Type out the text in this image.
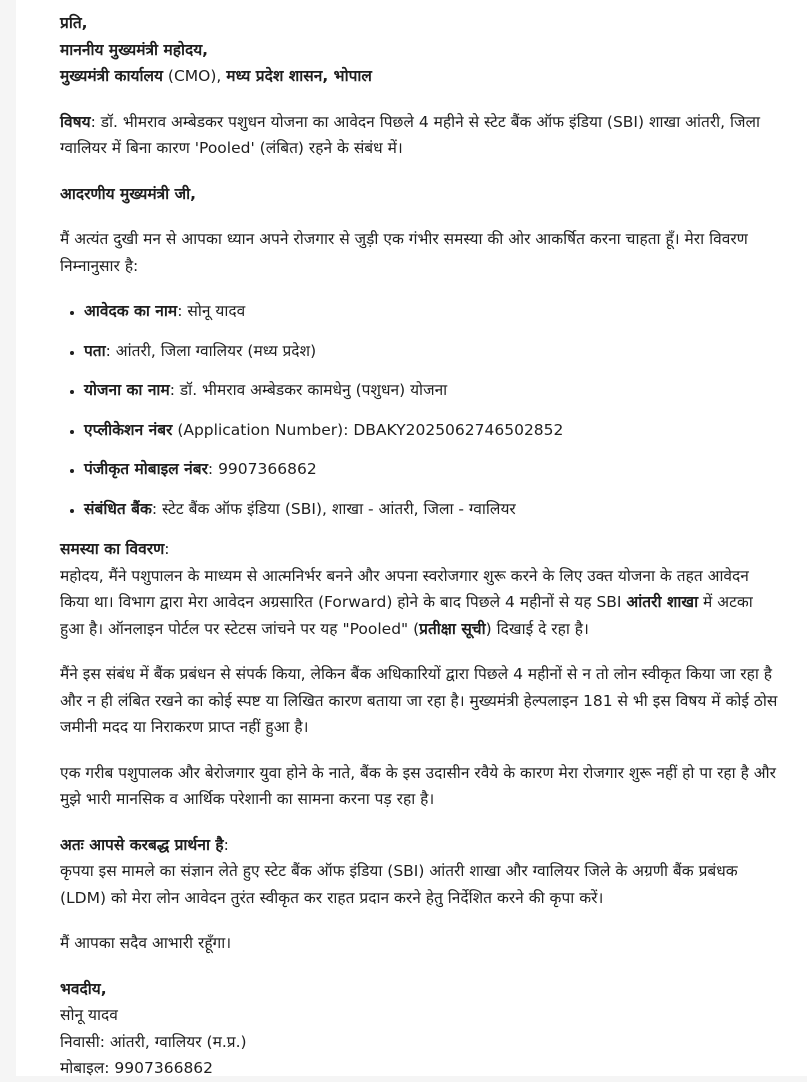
प्रति,
माननीय मुख्यमंत्री महोदय,
मुख्यमंत्री कार्यालय (CMO), मध्य प्रदेश शासन, भोपाल

विषय: डॉ. भीमराव अम्बेडकर पशुधन योजना का आवेदन पिछले 4 महीने से स्टेट बैंक ऑफ इंडिया (SBI) शाखा आंतरी, जिला ग्वालियर में बिना कारण 'Pooled' (लंबित) रहने के संबंध में।

आदरणीय मुख्यमंत्री जी,

मैं अत्यंत दुखी मन से आपका ध्यान अपने रोजगार से जुड़ी एक गंभीर समस्या की ओर आकर्षित करना चाहता हूँ। मेरा विवरण निम्नानुसार है:

• आवेदक का नाम: सोनू यादव
• पता: आंतरी, जिला ग्वालियर (मध्य प्रदेश)
• योजना का नाम: डॉ. भीमराव अम्बेडकर कामधेनु (पशुधन) योजना
• एप्लीकेशन नंबर (Application Number): DBAKY2025062746502852
• पंजीकृत मोबाइल नंबर: 9907366862
• संबंधित बैंक: स्टेट बैंक ऑफ इंडिया (SBI), शाखा - आंतरी, जिला - ग्वालियर

समस्या का विवरण:
महोदय, मैंने पशुपालन के माध्यम से आत्मनिर्भर बनने और अपना स्वरोजगार शुरू करने के लिए उक्त योजना के तहत आवेदन किया था। विभाग द्वारा मेरा आवेदन अग्रसारित (Forward) होने के बाद पिछले 4 महीनों से यह SBI आंतरी शाखा में अटका हुआ है। ऑनलाइन पोर्टल पर स्टेटस जांचने पर यह "Pooled" (प्रतीक्षा सूची) दिखाई दे रहा है।

मैंने इस संबंध में बैंक प्रबंधन से संपर्क किया, लेकिन बैंक अधिकारियों द्वारा पिछले 4 महीनों से न तो लोन स्वीकृत किया जा रहा है और न ही लंबित रखने का कोई स्पष्ट या लिखित कारण बताया जा रहा है। मुख्यमंत्री हेल्पलाइन 181 से भी इस विषय में कोई ठोस जमीनी मदद या निराकरण प्राप्त नहीं हुआ है।

एक गरीब पशुपालक और बेरोजगार युवा होने के नाते, बैंक के इस उदासीन रवैये के कारण मेरा रोजगार शुरू नहीं हो पा रहा है और मुझे भारी मानसिक व आर्थिक परेशानी का सामना करना पड़ रहा है।

अतः आपसे करबद्ध प्रार्थना है:
कृपया इस मामले का संज्ञान लेते हुए स्टेट बैंक ऑफ इंडिया (SBI) आंतरी शाखा और ग्वालियर जिले के अग्रणी बैंक प्रबंधक (LDM) को मेरा लोन आवेदन तुरंत स्वीकृत कर राहत प्रदान करने हेतु निर्देशित करने की कृपा करें।

मैं आपका सदैव आभारी रहूँगा।

भवदीय,
सोनू यादव
निवासी: आंतरी, ग्वालियर (म.प्र.)
मोबाइल: 9907366862
